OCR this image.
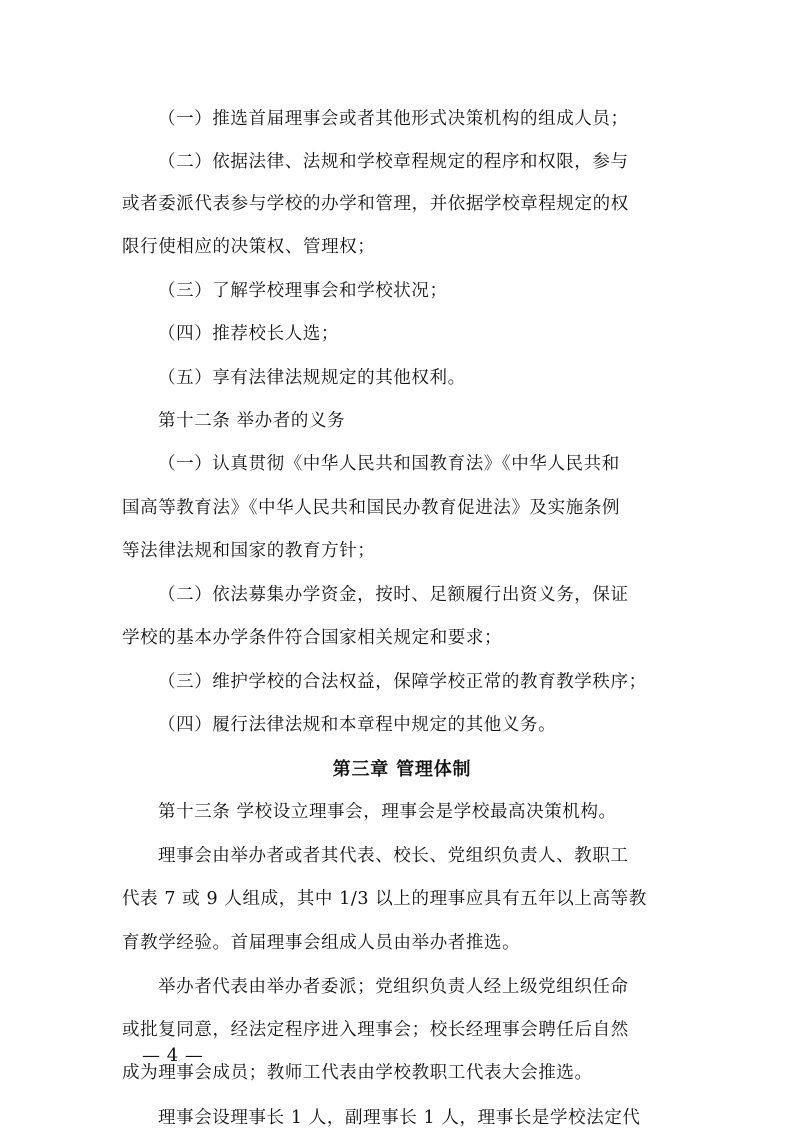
（一）推选首届理事会或者其他形式决策机构的组成人员；
（二）依据法律、法规和学校章程规定的程序和权限，参与
或者委派代表参与学校的办学和管理，并依据学校章程规定的权
限行使相应的决策权、管理权；
（三）了解学校理事会和学校状况；
（四）推荐校长人选；
（五）享有法律法规规定的其他权利。
第十二条 举办者的义务
（一）认真贯彻《中华人民共和国教育法》《中华人民共和
国高等教育法》《中华人民共和国民办教育促进法》及实施条例
等法律法规和国家的教育方针；
（二）依法募集办学资金，按时、足额履行出资义务，保证
学校的基本办学条件符合国家相关规定和要求；
（三）维护学校的合法权益，保障学校正常的教育教学秩序；
（四）履行法律法规和本章程中规定的其他义务。
第三章 管理体制
第十三条 学校设立理事会，理事会是学校最高决策机构。
理事会由举办者或者其代表、校长、党组织负责人、教职工
代表 7 或 9 人组成，其中 1/3 以上的理事应具有五年以上高等教
育教学经验。首届理事会组成人员由举办者推选。
举办者代表由举办者委派；党组织负责人经上级党组织任命
或批复同意，经法定程序进入理事会；校长经理事会聘任后自然
成为理事会成员；教师工代表由学校教职工代表大会推选。
理事会设理事长 1 人，副理事长 1 人，理事长是学校法定代
— 4 —
